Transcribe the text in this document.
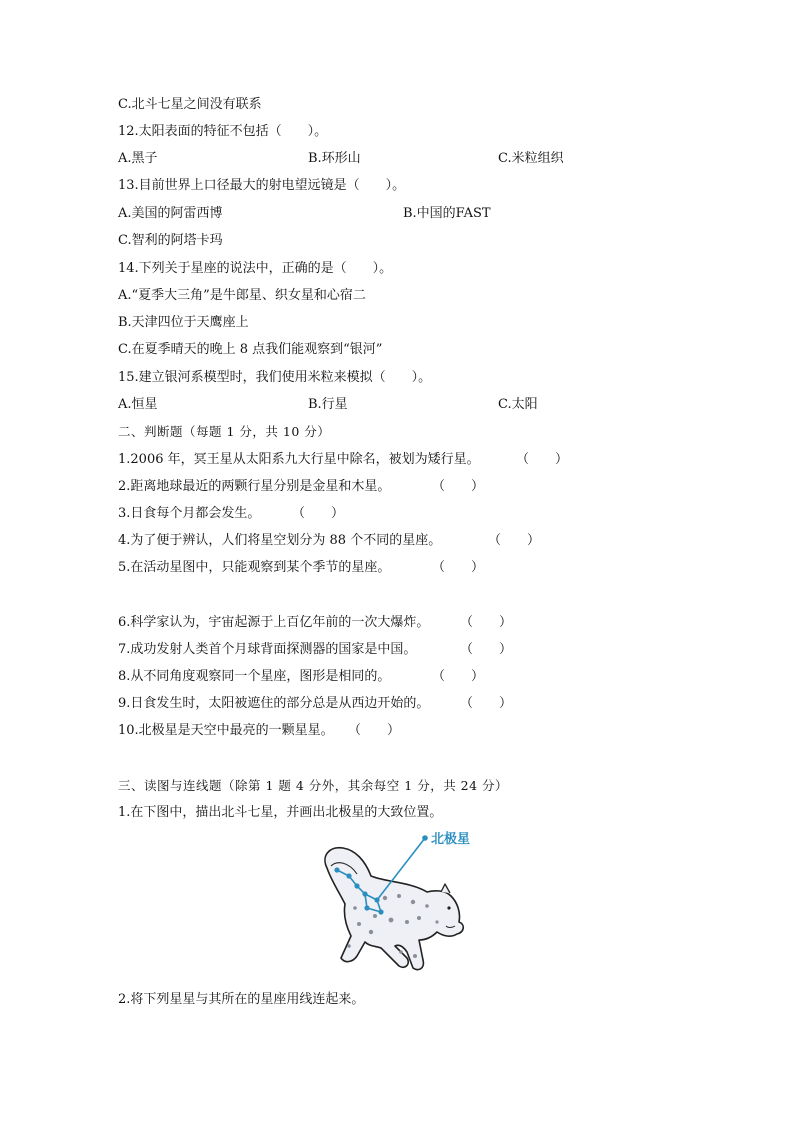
C.北斗七星之间没有联系
12.太阳表面的特征不包括（　　）。
A.黑子	B.环形山	C.米粒组织
13.目前世界上口径最大的射电望远镜是（　　）。
A.美国的阿雷西博	B.中国的FAST
C.智利的阿塔卡玛
14.下列关于星座的说法中，正确的是（　　）。
A.“夏季大三角”是牛郎星、织女星和心宿二
B.天津四位于天鹰座上
C.在夏季晴天的晚上 8 点我们能观察到“银河”
15.建立银河系模型时，我们使用米粒来模拟（　　）。
A.恒星	B.行星	C.太阳
二、判断题（每题 1 分，共 10 分）
1.2006 年，冥王星从太阳系九大行星中除名，被划为矮行星。	（　　）
2.距离地球最近的两颗行星分别是金星和木星。	（　　）
3.日食每个月都会发生。 （　　）
4.为了便于辨认，人们将星空划分为 88 个不同的星座。	（　　）
5.在活动星图中，只能观察到某个季节的星座。	（　　）
6.科学家认为，宇宙起源于上百亿年前的一次大爆炸。 （　　）
7.成功发射人类首个月球背面探测器的国家是中国。	（　　）
8.从不同角度观察同一个星座，图形是相同的。	（　　）
9.日食发生时，太阳被遮住的部分总是从西边开始的。 （　　）
10.北极星是天空中最亮的一颗星星。 （　　）
三、读图与连线题（除第 1 题 4 分外，其余每空 1 分，共 24 分）
1.在下图中，描出北斗七星，并画出北极星的大致位置。
北极星
2.将下列星星与其所在的星座用线连起来。
